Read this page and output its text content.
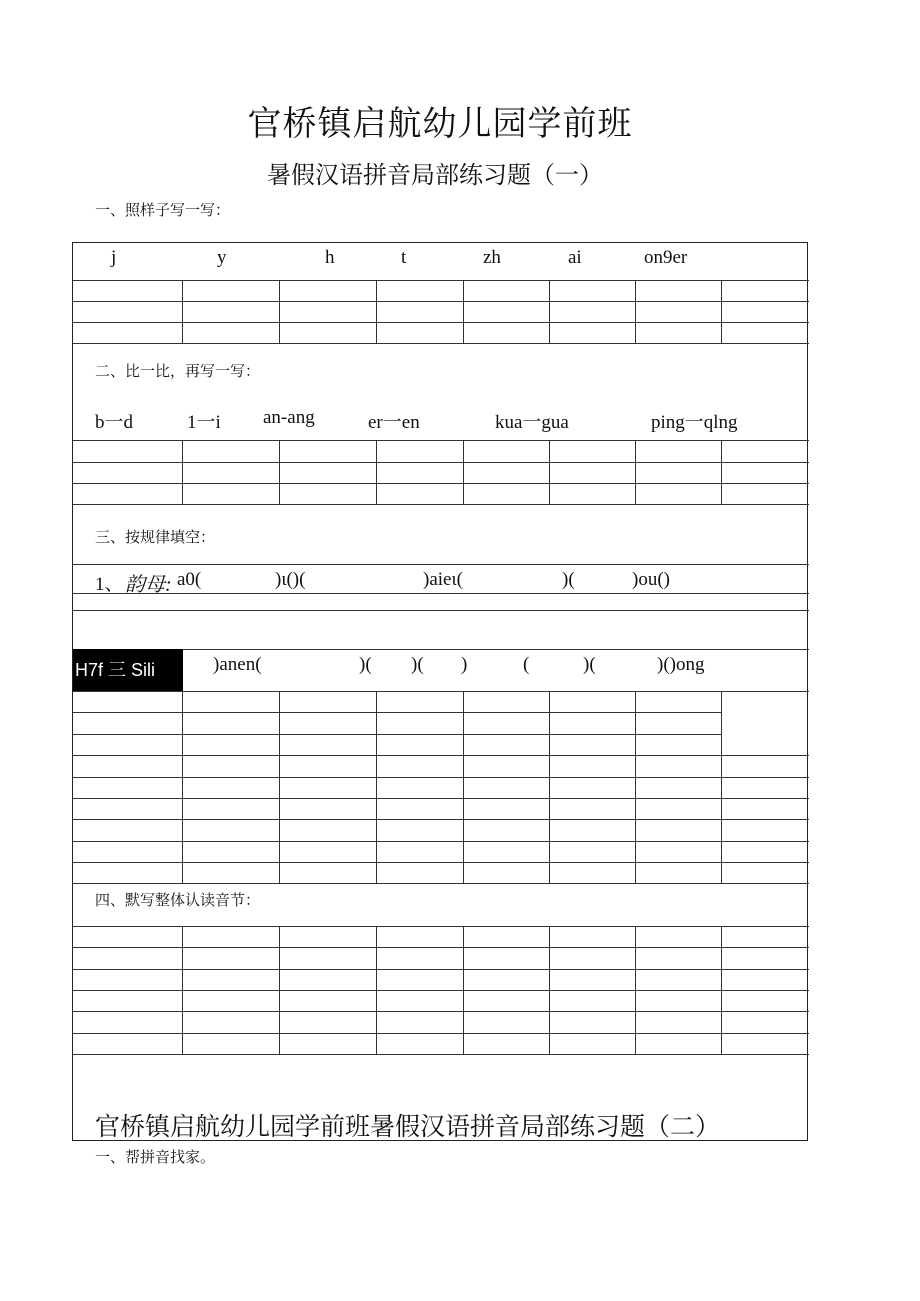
官桥镇启航幼儿园学前班
暑假汉语拼音局部练习题（一）
一、照样子写一写：
j	y	h	t	zh	ai	on9er
二、比一比，再写一写：
b一d	1一i an-ang	er一en	kua一gua	ping一qlng
三、按规律填空：
1、 韵母: a0(	)ι()(	)aieι(	)(	)ou()
H7f 三 Sili	)anen(	)( )( )	(	)(	)()ong
四、默写整体认读音节：
官桥镇启航幼儿园学前班暑假汉语拼音局部练习题（二）
一、帮拼音找家。
